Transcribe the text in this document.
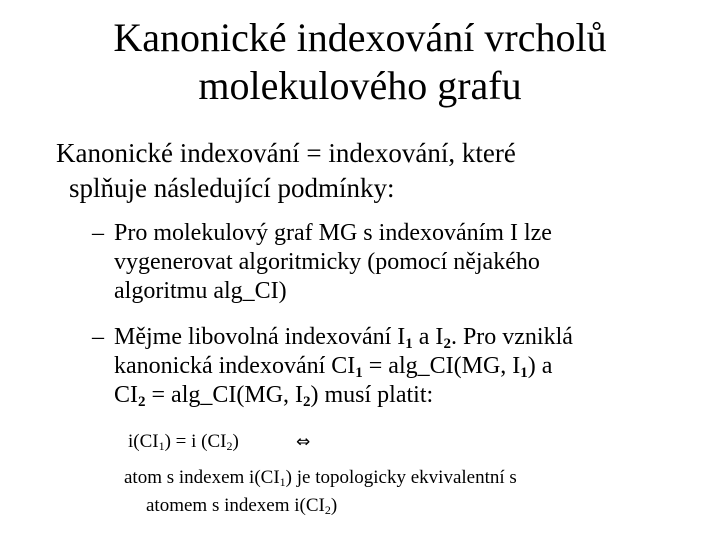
Kanonické indexování vrcholů
molekulového grafu
Kanonické indexování = indexování, které
splňuje následující podmínky:
– Pro molekulový graf MG s indexováním I lze
vygenerovat algoritmicky (pomocí nějakého
algoritmu alg_CI)
– Mějme libovolná indexování $I_1$ a $I_2$. Pro vzniklá
kanonická indexování $CI_1$ = alg_CI(MG, $I_1$) a
$CI_2$ = alg_CI(MG, $I_2$) musí platit:
$i(CI_1) = i$ $(CI_2)$	⇔
atom s indexem $i(CI_1)$ je topologicky ekvivalentní s
atomem s indexem $i(CI_2)$
